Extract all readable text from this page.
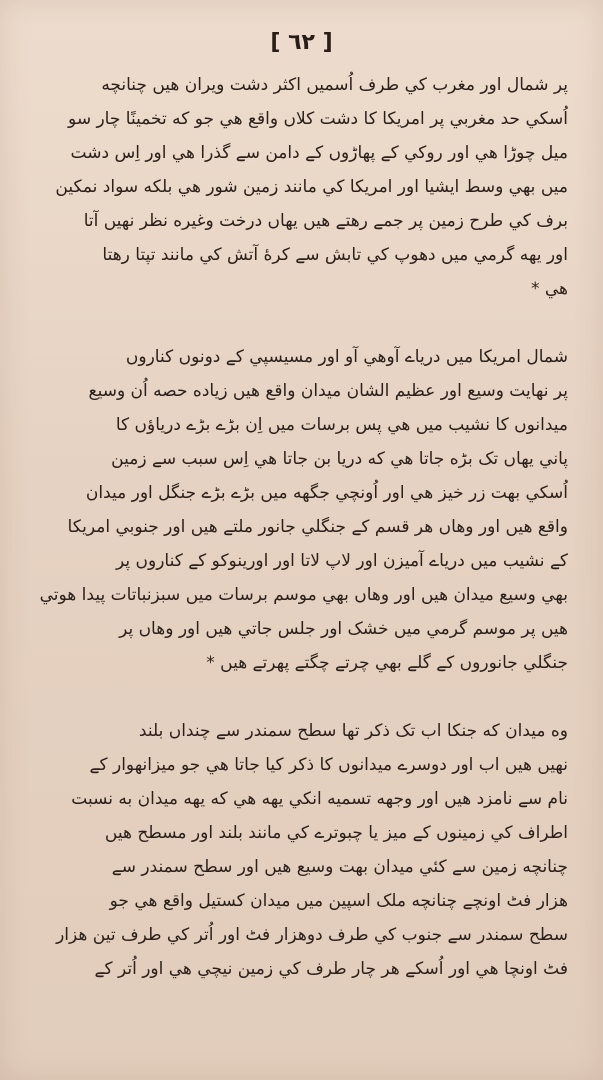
[ ٦٢ ]
پر شمال اور مغرب کي طرف اُسميں اکثر دشت ويران هيں چنانچه
اُسکي حد مغربي پر امريکا کا دشت کلاں واقع هي جو که تخمينًا چار سو
ميل چوڑا هي اور روکي کے پهاڑوں کے دامن سے گذرا هي اور اِس دشت
ميں بهي وسط ايشيا اور امريکا کي مانند زمين شور هي بلکه سواد نمکين
برف کي طرح زمين پر جمے رهتے هيں يهاں درخت وغيره نظر نهيں آتا
اور يهه گرمي ميں دهوپ کي تابش سے کرۀ آتش کي مانند تپتا رهتا
هي *
شمال امريکا ميں درياے آوهي آو اور مسيسپي کے دونوں کناروں
پر نهايت وسيع اور عظيم الشان ميدان واقع هيں زياده حصه اُن وسيع
ميدانوں کا نشيب ميں هي پس برسات ميں اِن بڑے بڑے درياؤں کا
پاني يهاں تک بڑه جاتا هي که دريا بن جاتا هي اِس سبب سے زمين
اُسکي بهت زر خيز هي اور اُونچي جگهه ميں بڑے بڑے جنگل اور ميدان
واقع هيں اور وهاں هر قسم کے جنگلي جانور ملتے هيں اور جنوبي امريکا
کے نشيب ميں درياے آميزن اور لاپ لاتا اور اورينوکو کے کناروں پر
بهي وسيع ميدان هيں اور وهاں بهي موسم برسات ميں سبزنباتات پيدا هوتي
هيں پر موسم گرمي ميں خشک اور جلس جاتي هيں اور وهاں پر
جنگلي جانوروں کے گلے بهي چرتے چگتے پهرتے هيں *
وه ميدان که جنکا اب تک ذکر تها سطح سمندر سے چنداں بلند
نهيں هيں اب اور دوسرے ميدانوں کا ذکر کيا جاتا هي جو ميزانهوار کے
نام سے نامزد هيں اور وجهه تسميه انکي يهه هي که يهه ميدان به نسبت
اطراف کي زمينوں کے ميز يا چبوترے کي مانند بلند اور مسطح هيں
چنانچه زمين سے کئي ميدان بهت وسيع هيں اور سطح سمندر سے
هزار فٹ اونچے چنانچه ملک اسپين ميں ميدان کستيل واقع هي جو
سطح سمندر سے جنوب کي طرف دوهزار فٹ اور اُتر کي طرف تين هزار
فٹ اونچا هي اور اُسکے هر چار طرف کي زمين نيچي هي اور اُتر کے
